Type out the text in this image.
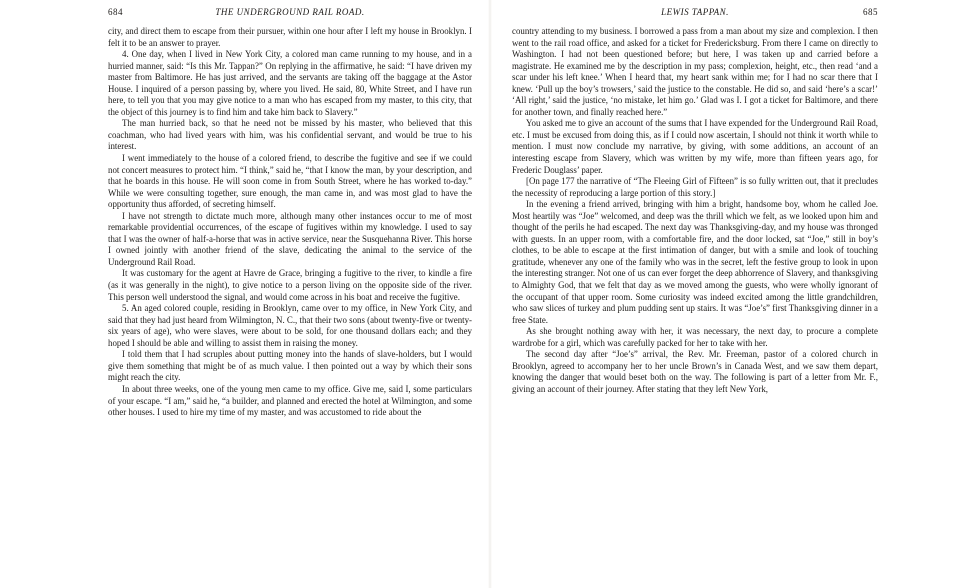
684	THE UNDERGROUND RAIL ROAD.

city, and direct them to escape from their pursuer, within one hour after I left my house in Brooklyn. I felt it to be an answer to prayer.

4. One day, when I lived in New York City, a colored man came running to my house, and in a hurried manner, said: “Is this Mr. Tappan?” On replying in the affirmative, he said: “I have driven my master from Baltimore. He has just arrived, and the servants are taking off the baggage at the Astor House. I inquired of a person passing by, where you lived. He said, 80, White Street, and I have run here, to tell you that you may give notice to a man who has escaped from my master, to this city, that the object of this journey is to find him and take him back to Slavery.”

The man hurried back, so that he need not be missed by his master, who believed that this coachman, who had lived years with him, was his confidential servant, and would be true to his interest.

I went immediately to the house of a colored friend, to describe the fugitive and see if we could not concert measures to protect him. “I think,” said he, “that I know the man, by your description, and that he boards in this house. He will soon come in from South Street, where he has worked to-day.” While we were consulting together, sure enough, the man came in, and was most glad to have the opportunity thus afforded, of secreting himself.

I have not strength to dictate much more, although many other instances occur to me of most remarkable providential occurrences, of the escape of fugitives within my knowledge. I used to say that I was the owner of half-a-horse that was in active service, near the Susquehanna River. This horse I owned jointly with another friend of the slave, dedicating the animal to the service of the Underground Rail Road.

It was customary for the agent at Havre de Grace, bringing a fugitive to the river, to kindle a fire (as it was generally in the night), to give notice to a person living on the opposite side of the river. This person well understood the signal, and would come across in his boat and receive the fugitive.

5. An aged colored couple, residing in Brooklyn, came over to my office, in New York City, and said that they had just heard from Wilmington, N. C., that their two sons (about twenty-five or twenty-six years of age), who were slaves, were about to be sold, for one thousand dollars each; and they hoped I should be able and willing to assist them in raising the money.

I told them that I had scruples about putting money into the hands of slave-holders, but I would give them something that might be of as much value. I then pointed out a way by which their sons might reach the city.

In about three weeks, one of the young men came to my office. Give me, said I, some particulars of your escape. “I am,” said he, “a builder, and planned and erected the hotel at Wilmington, and some other houses. I used to hire my time of my master, and was accustomed to ride about the

LEWIS TAPPAN.	685

country attending to my business. I borrowed a pass from a man about my size and complexion. I then went to the rail road office, and asked for a ticket for Fredericksburg. From there I came on directly to Washington. I had not been questioned before; but here, I was taken up and carried before a magistrate. He examined me by the description in my pass; complexion, height, etc., then read ‘and a scar under his left knee.’ When I heard that, my heart sank within me; for I had no scar there that I knew. ‘Pull up the boy’s trowsers,’ said the justice to the constable. He did so, and said ‘here’s a scar!’ ‘All right,’ said the justice, ‘no mistake, let him go.’ Glad was I. I got a ticket for Baltimore, and there for another town, and finally reached here.”

You asked me to give an account of the sums that I have expended for the Underground Rail Road, etc. I must be excused from doing this, as if I could now ascertain, I should not think it worth while to mention. I must now conclude my narrative, by giving, with some additions, an account of an interesting escape from Slavery, which was written by my wife, more than fifteen years ago, for Frederic Douglass’ paper.

[On page 177 the narrative of “The Fleeing Girl of Fifteen” is so fully written out, that it precludes the necessity of reproducing a large portion of this story.]

In the evening a friend arrived, bringing with him a bright, handsome boy, whom he called Joe. Most heartily was “Joe” welcomed, and deep was the thrill which we felt, as we looked upon him and thought of the perils he had escaped. The next day was Thanksgiving-day, and my house was thronged with guests. In an upper room, with a comfortable fire, and the door locked, sat “Joe,” still in boy’s clothes, to be able to escape at the first intimation of danger, but with a smile and look of touching gratitude, whenever any one of the family who was in the secret, left the festive group to look in upon the interesting stranger. Not one of us can ever forget the deep abhorrence of Slavery, and thanksgiving to Almighty God, that we felt that day as we moved among the guests, who were wholly ignorant of the occupant of that upper room. Some curiosity was indeed excited among the little grandchildren, who saw slices of turkey and plum pudding sent up stairs. It was “Joe’s” first Thanksgiving dinner in a free State.

As she brought nothing away with her, it was necessary, the next day, to procure a complete wardrobe for a girl, which was carefully packed for her to take with her.

The second day after “Joe’s” arrival, the Rev. Mr. Freeman, pastor of a colored church in Brooklyn, agreed to accompany her to her uncle Brown’s in Canada West, and we saw them depart, knowing the danger that would beset both on the way. The following is part of a letter from Mr. F., giving an account of their journey. After stating that they left New York,
